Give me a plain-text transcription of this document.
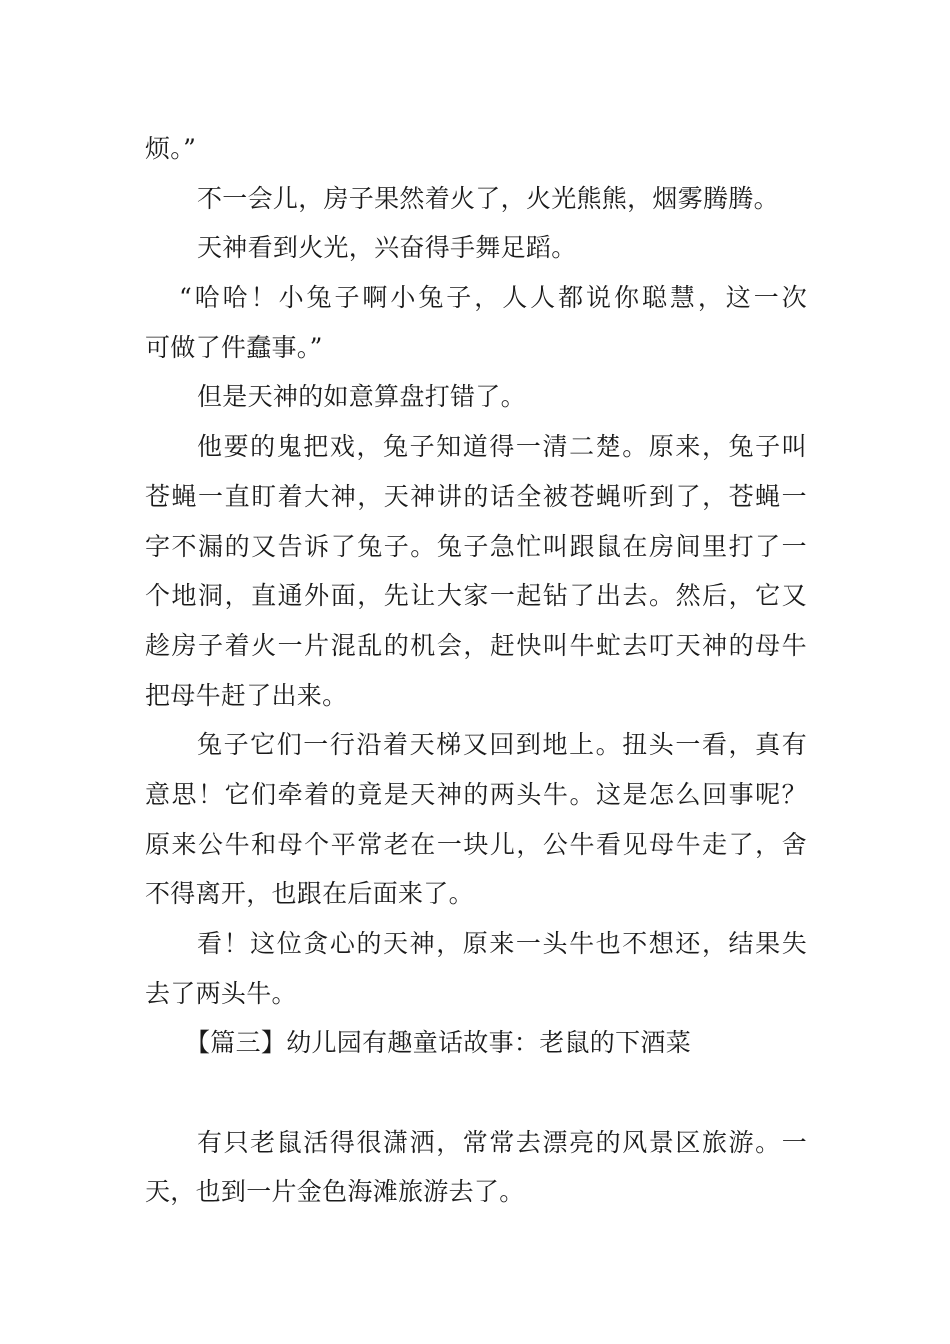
烦。”
不一会儿，房子果然着火了，火光熊熊，烟雾腾腾。
天神看到火光，兴奋得手舞足蹈。
“哈哈！小兔子啊小兔子，人人都说你聪慧，这一次
可做了件蠢事。”
但是天神的如意算盘打错了。
他要的鬼把戏，兔子知道得一清二楚。原来，兔子叫
苍蝇一直盯着大神，天神讲的话全被苍蝇听到了，苍蝇一
字不漏的又告诉了兔子。兔子急忙叫跟鼠在房间里打了一
个地洞，直通外面，先让大家一起钻了出去。然后，它又
趁房子着火一片混乱的机会，赶快叫牛虻去叮天神的母牛
把母牛赶了出来。
兔子它们一行沿着天梯又回到地上。扭头一看，真有
意思！它们牵着的竟是天神的两头牛。这是怎么回事呢？
原来公牛和母个平常老在一块儿，公牛看见母牛走了，舍
不得离开，也跟在后面来了。
看！这位贪心的天神，原来一头牛也不想还，结果失
去了两头牛。
【篇三】幼儿园有趣童话故事：老鼠的下酒菜
有只老鼠活得很潇洒，常常去漂亮的风景区旅游。一
天，也到一片金色海滩旅游去了。
